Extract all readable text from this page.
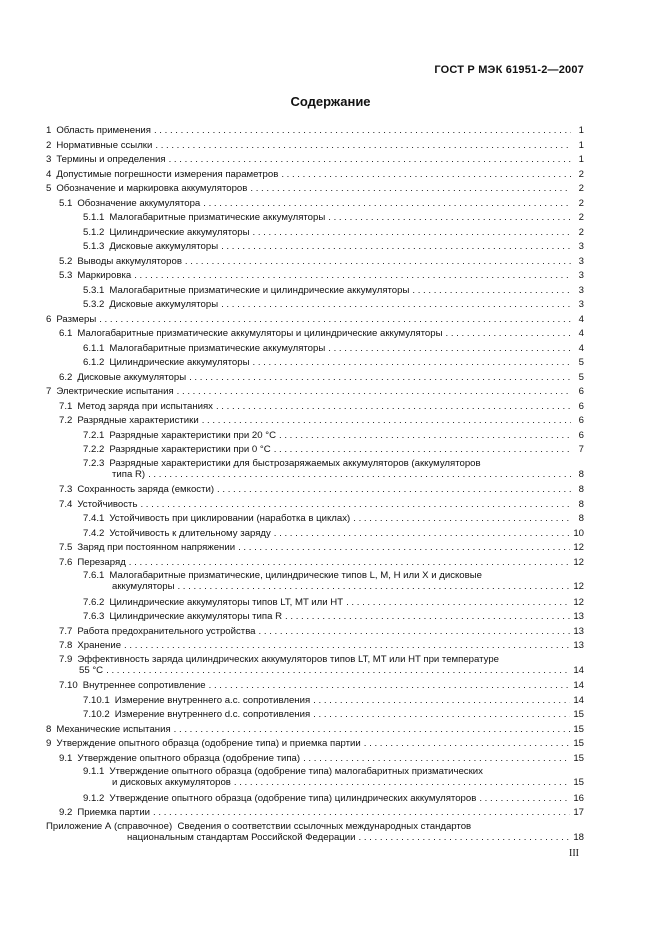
ГОСТ Р МЭК 61951-2—2007
Содержание
1 Область применения . . .	1
2 Нормативные ссылки . . .	1
3 Термины и определения . . .	1
4 Допустимые погрешности измерения параметров . . .	2
5 Обозначение и маркировка аккумуляторов . . .	2
5.1 Обозначение аккумулятора . . .	2
5.1.1 Малогабаритные призматические аккумуляторы . . .	2
5.1.2 Цилиндрические аккумуляторы . . .	2
5.1.3 Дисковые аккумуляторы . . .	3
5.2 Выводы аккумуляторов . . .	3
5.3 Маркировка . . .	3
5.3.1 Малогабаритные призматические и цилиндрические аккумуляторы . . .	3
5.3.2 Дисковые аккумуляторы . . .	3
6 Размеры . . .	4
6.1 Малогабаритные призматические аккумуляторы и цилиндрические аккумуляторы . . .	4
6.1.1 Малогабаритные призматические аккумуляторы . . .	4
6.1.2 Цилиндрические аккумуляторы . . .	5
6.2 Дисковые аккумуляторы . . .	5
7 Электрические испытания . . .	6
7.1 Метод заряда при испытаниях . . .	6
7.2 Разрядные характеристики . . .	6
7.2.1 Разрядные характеристики при 20 °С . . .	6
7.2.2 Разрядные характеристики при 0 °С . . .	7
7.2.3 Разрядные характеристики для быстрозаряжаемых аккумуляторов (аккумуляторов
типа R) . . .	8
7.3 Сохранность заряда (емкости) . . .	8
7.4 Устойчивость . . .	8
7.4.1 Устойчивость при циклировании (наработка в циклах) . . .	8
7.4.2 Устойчивость к длительному заряду . . .	10
7.5 Заряд при постоянном напряжении . . .	12
7.6 Перезаряд . . .	12
7.6.1 Малогабаритные призматические, цилиндрические типов L, M, H или X и дисковые
аккумуляторы . . .	12
7.6.2 Цилиндрические аккумуляторы типов LT, MT или HT . . .	12
7.6.3 Цилиндрические аккумуляторы типа R . . .	13
7.7 Работа предохранительного устройства . . .	13
7.8 Хранение . . .	13
7.9 Эффективность заряда цилиндрических аккумуляторов типов LT, MT или HT при температуре
55 °С . . .	14
7.10 Внутреннее сопротивление . . .	14
7.10.1 Измерение внутреннего a.c. сопротивления . . .	14
7.10.2 Измерение внутреннего d.c. сопротивления . . .	15
8 Механические испытания . . .	15
9 Утверждение опытного образца (одобрение типа) и приемка партии . . .	15
9.1 Утверждение опытного образца (одобрение типа) . . .	15
9.1.1 Утверждение опытного образца (одобрение типа) малогабаритных призматических
и дисковых аккумуляторов . . .	15
9.1.2 Утверждение опытного образца (одобрение типа) цилиндрических аккумуляторов . . .	16
9.2 Приемка партии . . .	17
Приложение А (справочное)
Сведения о соответствии ссылочных международных стандартов
национальным стандартам Российской Федерации . . .	18
III
